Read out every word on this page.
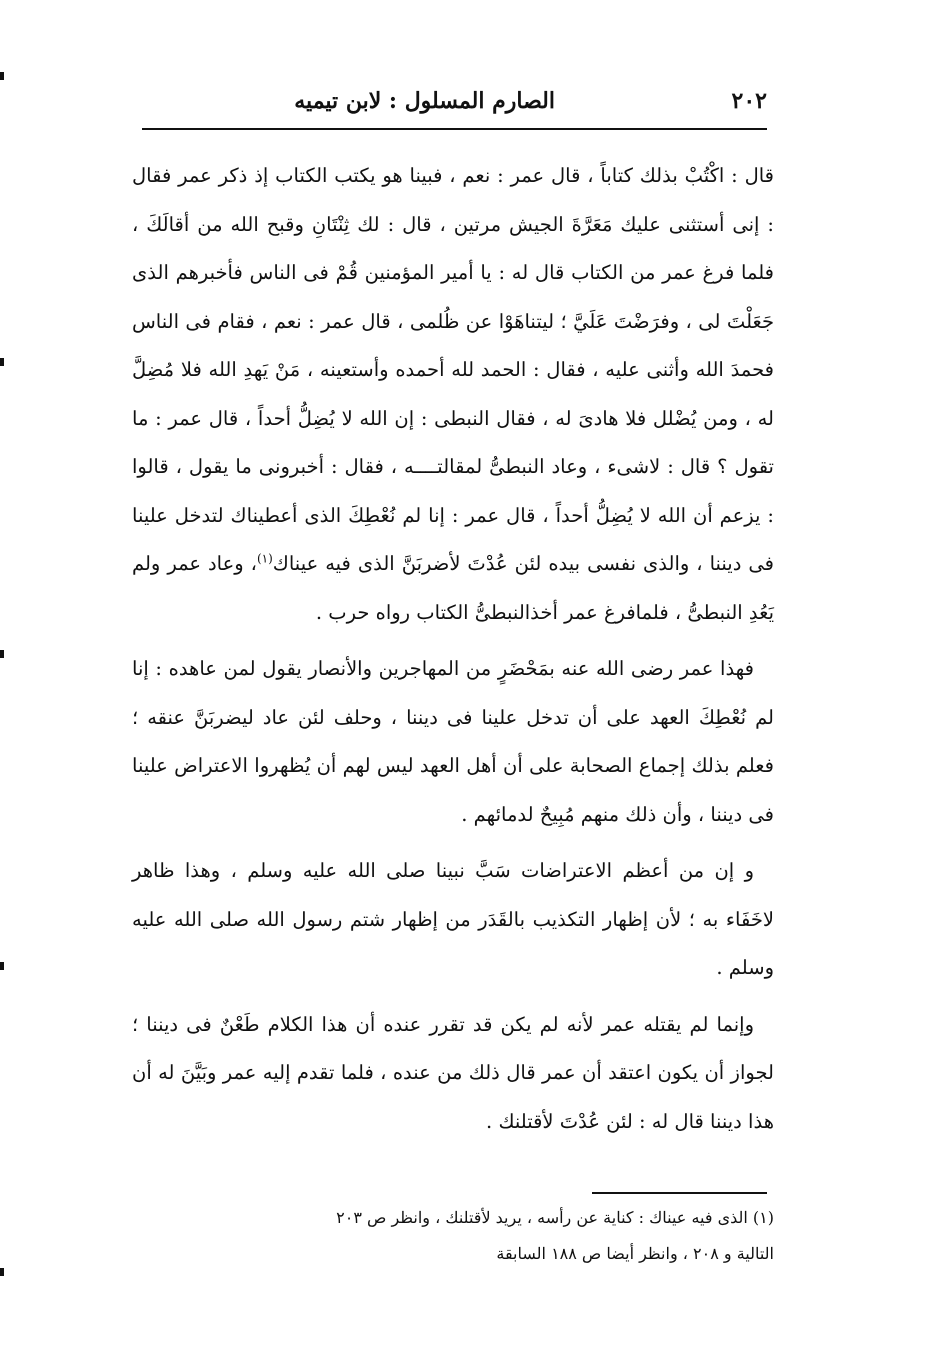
٢٠٢
الصارم المسلول : لابن تيميه

قال : اكْتُبْ بذلك كتاباً ، قال عمر : نعم ، فبينا هو يكتب الكتاب إذ ذكر عمر فقال : إنى أستثنى عليك مَعَرَّةَ الجيش مرتين ، قال : لك ثِنْتَانِ وقبح الله من أقالَكَ ، فلما فرغ عمر من الكتاب قال له : يا أمير المؤمنين قُمْ فى الناس فأخبرهم الذى جَعَلْتَ لى ، وفرَضْتَ عَلَيَّ ؛ ليتناهَوْا عن ظُلمى ، قال عمر : نعم ، فقام فى الناس فحمدَ الله وأثنى عليه ، فقال : الحمد لله أحمده وأستعينه ، مَنْ يَهدِ الله فلا مُضِلَّ له ، ومن يُضْلل فلا هادىَ له ، فقال النبطى : إن الله لا يُضِلُّ أحداً ، قال عمر : ما تقول ؟ قال : لاشىء ، وعاد النبطىُّ لمقالتــــه ، فقال : أخبرونى ما يقول ، قالوا : يزعم أن الله لا يُضِلُّ أحداً ، قال عمر : إنا لم نُعْطِكَ الذى أعطيناك لتدخل علينا فى ديننا ، والذى نفسى بيده لئن عُدْتَ لأضربَنَّ الذى فيه عيناك$^{(١)}$، وعاد عمر ولم يَعُدِ النبطىُّ ، فلمافرغ عمر أخذالنبطىُّ الكتاب رواه حرب .

فهذا عمر رضى الله عنه بمَحْضَرٍ من المهاجرين والأنصار يقول لمن عاهده : إنا لم نُعْطِكَ العهد على أن تدخل علينا فى ديننا ، وحلف لئن عاد ليضربَنَّ عنقه ؛ فعلم بذلك إجماع الصحابة على أن أهل العهد ليس لهم أن يُظهروا الاعتراض علينا فى ديننا ، وأن ذلك منهم مُبِيحٌ لدمائهم .

و إن من أعظم الاعتراضات سَبَّ نبينا صلى الله عليه وسلم ، وهذا ظاهر لاخَفَاء به ؛ لأن إظهار التكذيب بالقَدَر من إظهار شتم رسول الله صلى الله عليه وسلم .

وإنما لم يقتله عمر لأنه لم يكن قد تقرر عنده أن هذا الكلام طَعْنٌ فى ديننا ؛ لجواز أن يكون اعتقد أن عمر قال ذلك من عنده ، فلما تقدم إليه عمر وبَيَّنَ له أن هذا ديننا قال له : لئن عُدْتَ لأقتلنك .

(١) الذى فيه عيناك : كناية عن رأسه ، يريد لأقتلنك ، وانظر ص ٢٠٣

التالية و ٢٠٨ ، وانظر أيضا ص ١٨٨ السابقة
